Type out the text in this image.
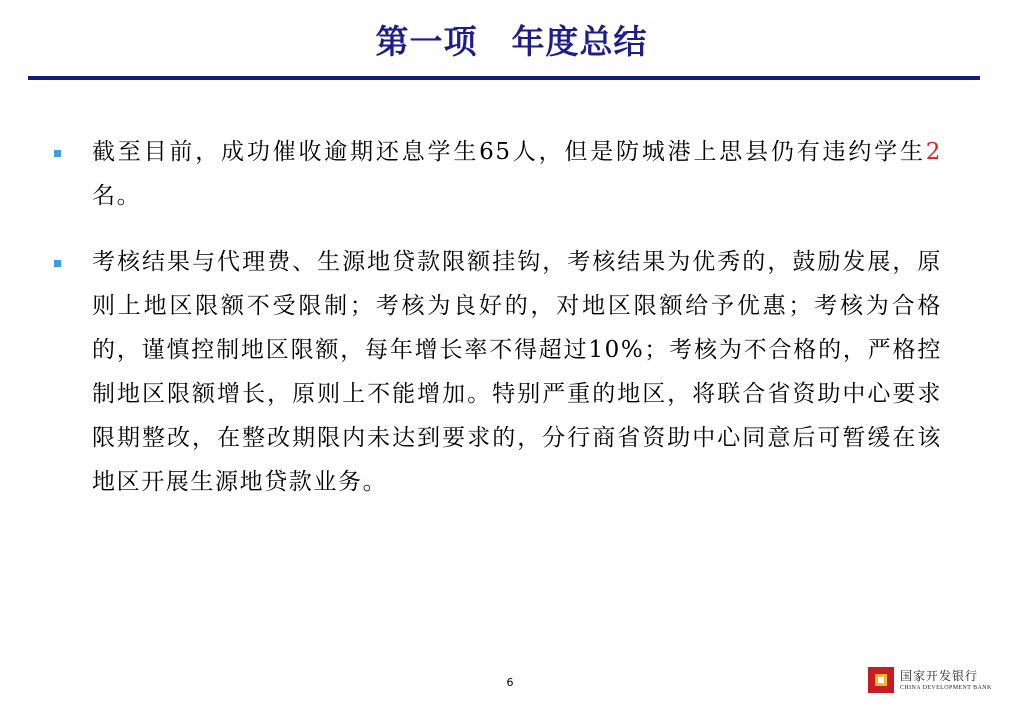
第一项　年度总结
截至目前，成功催收逾期还息学生65人，但是防城港上思县仍有违约学生2名。
考核结果与代理费、生源地贷款限额挂钩，考核结果为优秀的，鼓励发展，原则上地区限额不受限制；考核为良好的，对地区限额给予优惠；考核为合格的，谨慎控制地区限额，每年增长率不得超过10%；考核为不合格的，严格控制地区限额增长，原则上不能增加。特别严重的地区，将联合省资助中心要求限期整改，在整改期限内未达到要求的，分行商省资助中心同意后可暂缓在该地区开展生源地贷款业务。
6	国家开发银行
CHINA DEVELOPMENT BANK
